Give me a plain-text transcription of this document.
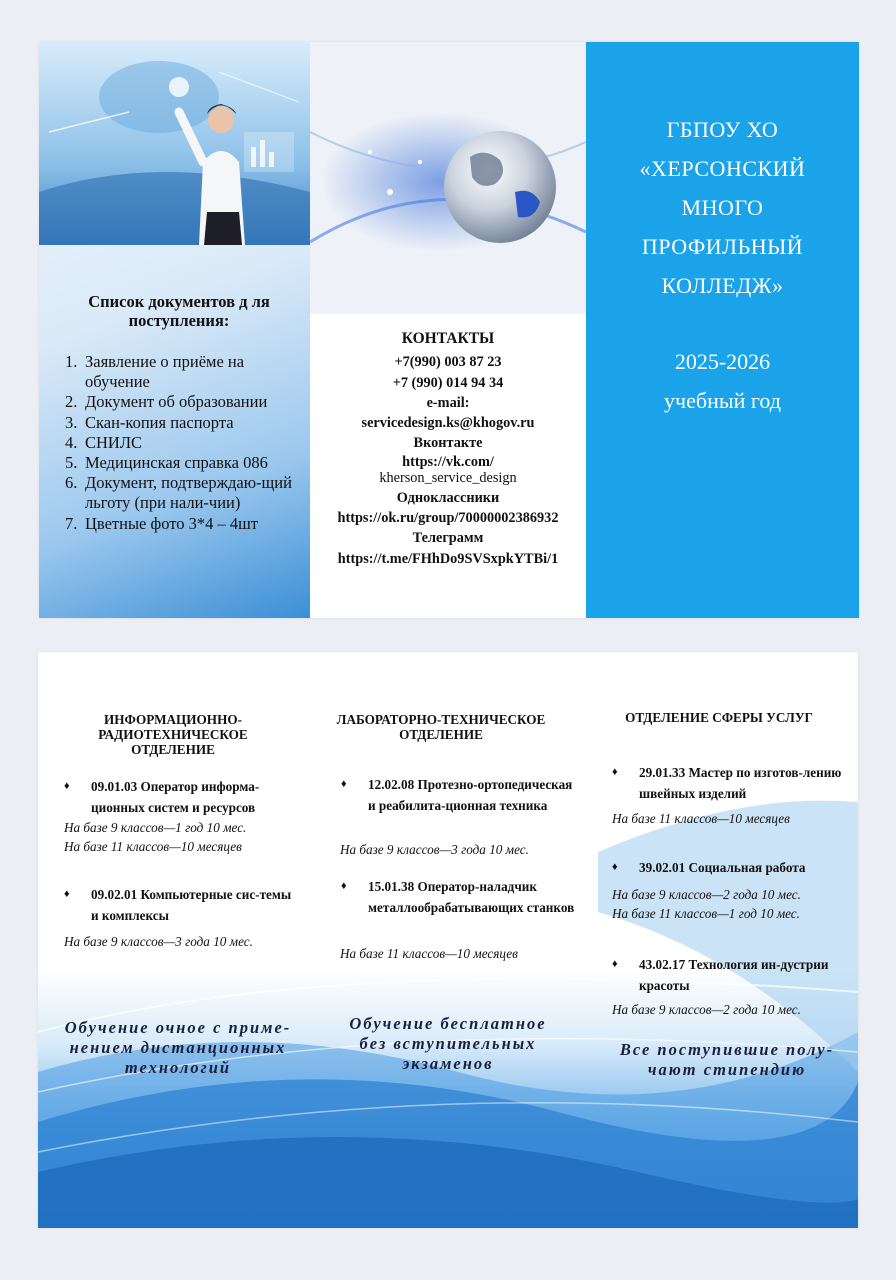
Список документов д ля поступления:
1. Заявление о приёме на обучение
2. Документ об образовании
3. Скан-копия паспорта
4. СНИЛС
5. Медицинская справка 086
6. Документ, подтверждаю-щий льготу (при нали-чии)
7. Цветные фото 3*4 – 4шт
КОНТАКТЫ
+7(990) 003 87 23
+7 (990) 014 94 34
e-mail:
servicedesign.ks@khogov.ru
Вконтакте
https://vk.com/
kherson_service_design
Одноклассники
https://ok.ru/group/70000002386932
Телеграмм
https://t.me/FHhDo9SVSxpkYTBi/1
ГБПОУ ХО
«ХЕРСОНСКИЙ
МНОГО
ПРОФИЛЬНЫЙ
КОЛЛЕДЖ»
2025-2026
учебный год
ИНФОРМАЦИОННО-РАДИОТЕХНИЧЕСКОЕ ОТДЕЛЕНИЕ
♦ 09.01.03 Оператор информа-ционных систем и ресурсов
На базе 9 классов—1 год 10 мес.
На базе 11 классов—10 месяцев
♦ 09.02.01 Компьютерные сис-темы и комплексы
На базе 9 классов—3 года 10 мес.
Обучение очное с приме-нением дистанционных технологий
ЛАБОРАТОРНО-ТЕХНИЧЕСКОЕ ОТДЕЛЕНИЕ
♦ 12.02.08 Протезно-ортопедическая и реабилита-ционная техника
На базе 9 классов—3 года 10 мес.
♦ 15.01.38 Оператор-наладчик металлообрабатывающих станков
На базе 11 классов—10 месяцев
Обучение бесплатное без вступительных экзаменов
ОТДЕЛЕНИЕ СФЕРЫ УСЛУГ
♦ 29.01.33 Мастер по изготов-лению швейных изделий
На базе 11 классов—10 месяцев
♦ 39.02.01 Социальная работа
На базе 9 классов—2 года 10 мес.
На базе 11 классов—1 год 10 мес.
♦ 43.02.17 Технология ин-дустрии красоты
На базе 9 классов—2 года 10 мес.
Все поступившие полу-чают стипендию
